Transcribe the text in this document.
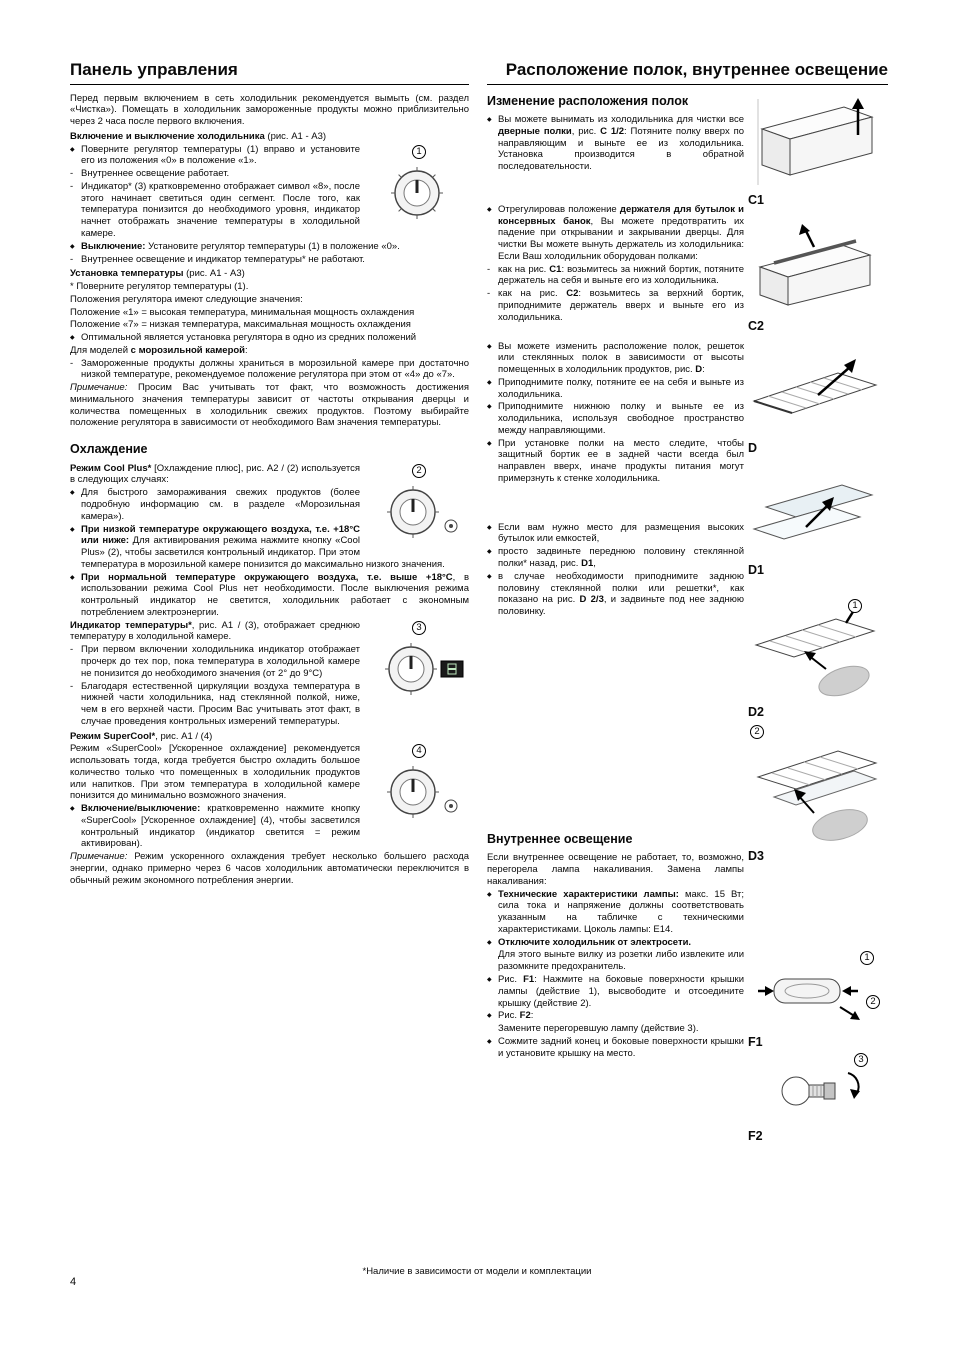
Панель управления
Перед первым включением в сеть холодильник рекомендуется вымыть (см. раздел «Чистка»). Помещать в холодильник замороженные продукты можно приблизительно через 2 часа после первого включения.
Включение и выключение холодильника (рис. А1 - А3)
1
◆ Поверните регулятор температуры (1) вправо и установите его из положения «0» в положение «1».
- Внутреннее освещение работает.
- Индикатор* (3) кратковременно отображает символ «8», после этого начинает светиться один сегмент. После того, как температура понизится до необходимого уровня, индикатор начнет отображать значение температуры в холодильной камере.
◆ Выключение: Установите регулятор температуры (1) в положение «0».
- Внутреннее освещение и индикатор температуры* не работают.
Установка температуры (рис. А1 - А3)
* Поверните регулятор температуры (1).
Положения регулятора имеют следующие значения:
Положение «1» = высокая температура, минимальная мощность охлаждения
Положение «7» = низкая температура, максимальная мощность охлаждения
◆ Оптимальной является установка регулятора в одно из средних положений
Для моделей с морозильной камерой:
- Замороженные продукты должны храниться в морозильной камере при достаточно низкой температуре, рекомендуемое положение регулятора при этом от «4» до «7».
Примечание: Просим Вас учитывать тот факт, что возможность достижения минимального значения температуры зависит от частоты открывания дверцы и количества помещенных в холодильник свежих продуктов. Поэтому выбирайте положение регулятора в зависимости от необходимого Вам значения температуры.
Охлаждение
2
Режим Cool Plus* [Охлаждение плюс], рис. А2 / (2) используется в следующих случаях:
◆ Для быстрого замораживания свежих продуктов (более подробную информацию см. в разделе «Морозильная камера»).
◆ При низкой температуре окружающего воздуха, т.е. +18°С или ниже: Для активирования режима нажмите кнопку «Cool Plus» (2), чтобы засветился контрольный индикатор. При этом температура в морозильной камере понизится до максимально низкого значения.
◆ При нормальной температуре окружающего воздуха, т.е. выше +18°С, в использовании режима Cool Plus нет необходимости. После выключения режима контрольный индикатор не светится, холодильник работает с экономным потреблением электроэнергии.
3
Индикатор температуры*, рис. А1 / (3), отображает среднюю температуру в холодильной камере.
- При первом включении холодильника индикатор отображает прочерк до тех пор, пока температура в холодильной камере не понизится до необходимого значения (от 2° до 9°С)
- Благодаря естественной циркуляции воздуха температура в нижней части холодильника, над стеклянной полкой, ниже, чем в его верхней части. Просим Вас учитывать этот факт, в случае проведения контрольных измерений температуры.
Режим SuperCool*, рис. А1 / (4)
4
Режим «SuperCool» [Ускоренное охлаждение] рекомендуется использовать тогда, когда требуется быстро охладить большое количество только что помещенных в холодильник продуктов или напитков. При этом температура в холодильной камере понизится до минимально возможного значения.
◆ Включение/выключение: кратковременно нажмите кнопку «SuperCool» [Ускоренное охлаждение] (4), чтобы засветился контрольный индикатор (индикатор светится = режим активирован).
Примечание: Режим ускоренного охлаждения требует несколько большего расхода энергии, однако примерно через 6 часов холодильник автоматически переключится в обычный режим экономного потребления энергии.
Расположение полок, внутреннее освещение
Изменение расположения полок
◆ Вы можете вынимать из холодильника для чистки все дверные полки, рис. С 1/2: Потяните полку вверх по направляющим и выньте ее из холодильника. Установка производится в обратной последовательности.
◆ Отрегулировав положение держателя для бутылок и консервных банок, Вы можете предотвратить их падение при открывании и закрывании дверцы. Для чистки Вы можете вынуть держатель из холодильника: Если Ваш холодильник оборудован полками:
- как на рис. С1: возьмитесь за нижний бортик, потяните держатель на себя и выньте его из холодильника.
- как на рис. С2: возьмитесь за верхний бортик, приподнимите держатель вверх и выньте его из холодильника.
◆ Вы можете изменить расположение полок, решеток или стеклянных полок в зависимости от высоты помещенных в холодильник продуктов, рис. D:
◆ Приподнимите полку, потяните ее на себя и выньте из холодильника.
◆ Приподнимите нижнюю полку и выньте ее из холодильника, используя свободное пространство между направляющими.
◆ При установке полки на место следите, чтобы защитный бортик ее в задней части всегда был направлен вверх, иначе продукты питания могут примерзнуть к стенке холодильника.
◆ Если вам нужно место для размещения высоких бутылок или емкостей,
◆ просто задвиньте переднюю половину стеклянной полки* назад, рис. D1,
◆ в случае необходимости приподнимите заднюю половину стеклянной полки или решетки*, как показано на рис. D 2/3, и задвиньте под нее заднюю половинку.
Внутреннее освещение
Если внутреннее освещение не работает, то, возможно, перегорела лампа накаливания. Замена лампы накаливания:
◆ Технические характеристики лампы: макс. 15 Вт; сила тока и напряжение должны соответствовать указанным на табличке с техническими характеристиками. Цоколь лампы: Е14.
◆ Отключите холодильник от электросети.
Для этого выньте вилку из розетки либо извлеките или разомкните предохранитель.
◆ Рис. F1: Нажмите на боковые поверхности крышки лампы (действие 1), высвободите и отсоедините крышку (действие 2).
◆ Рис. F2:
Замените перегоревшую лампу (действие 3).
◆ Сожмите задний конец и боковые поверхности крышки и установите крышку на место.
C1
C2
D
D1
1
D2
2
D3
1
2
F1
3
F2
*Наличие в зависимости от модели и комплектации
4
